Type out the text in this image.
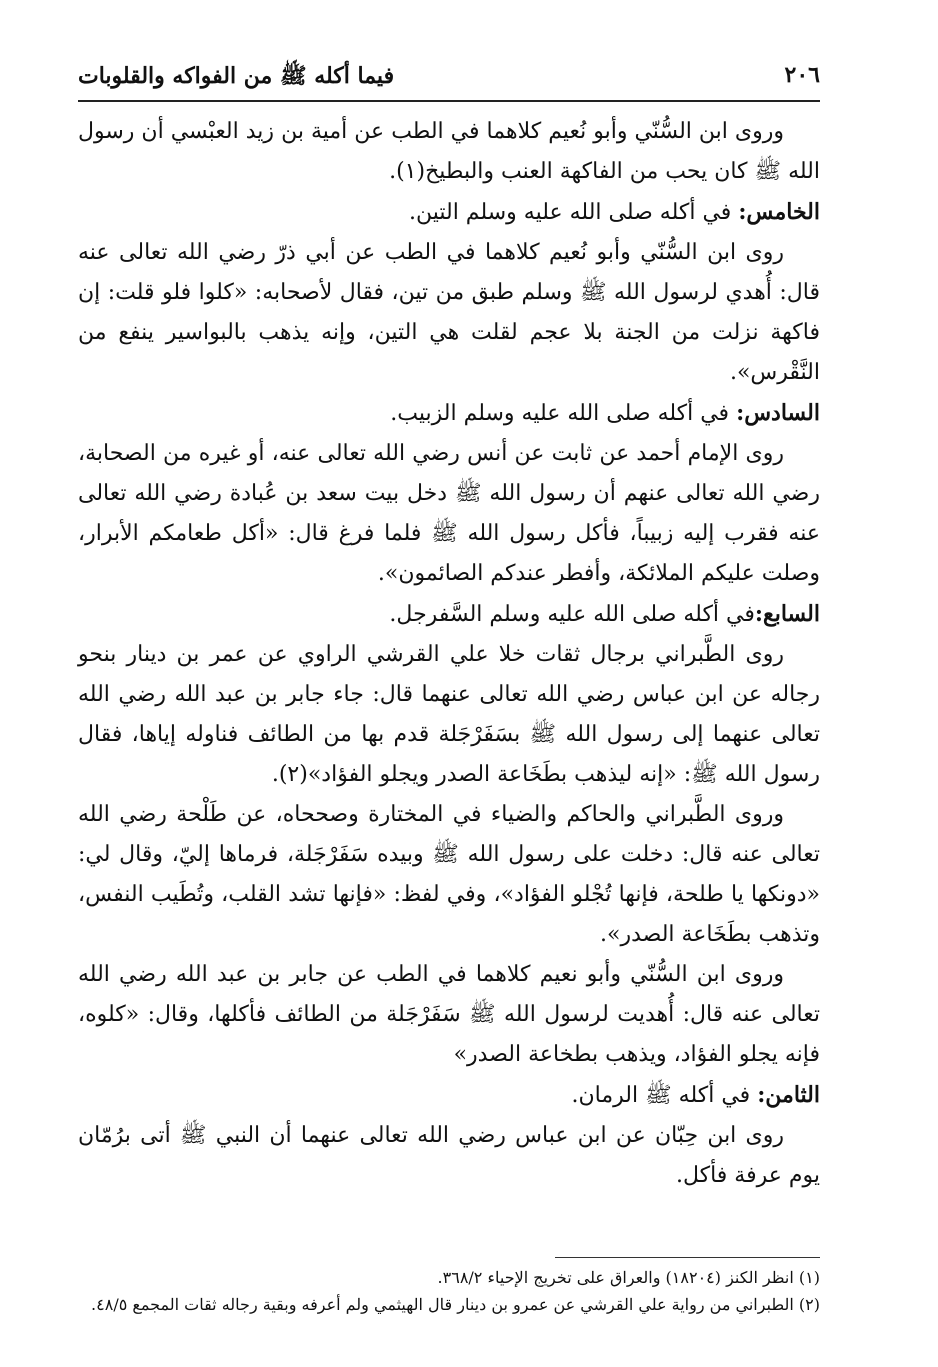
٢٠٦
فيما أكله ﷺ من الفواكه والقلوبات

وروى ابن السُّنّي وأبو نُعيم كلاهما في الطب عن أمية بن زيد العبْسي أن رسول الله ﷺ كان يحب من الفاكهة العنب والبطيخ(١).

الخامس: في أكله صلى الله عليه وسلم التين.

روى ابن السُّنّي وأبو نُعيم كلاهما في الطب عن أبي ذرّ رضي الله تعالى عنه قال: أُهدي لرسول الله ﷺ وسلم طبق من تين، فقال لأصحابه: «كلوا فلو قلت: إن فاكهة نزلت من الجنة بلا عجم لقلت هي التين، وإنه يذهب بالبواسير ينفع من النَّقْرس».

السادس: في أكله صلى الله عليه وسلم الزبيب.

روى الإمام أحمد عن ثابت عن أنس رضي الله تعالى عنه، أو غيره من الصحابة، رضي الله تعالى عنهم أن رسول الله ﷺ دخل بيت سعد بن عُبادة رضي الله تعالى عنه فقرب إليه زبيباً، فأكل رسول الله ﷺ فلما فرغ قال: «أكل طعامكم الأبرار، وصلت عليكم الملائكة، وأفطر عندكم الصائمون».

السابع:في أكله صلى الله عليه وسلم السَّفرجل.

روى الطَّبراني برجال ثقات خلا علي القرشي الراوي عن عمر بن دينار بنحو رجاله عن ابن عباس رضي الله تعالى عنهما قال: جاء جابر بن عبد الله رضي الله تعالى عنهما إلى رسول الله ﷺ بسَفَرْجَلة قدم بها من الطائف فناوله إياها، فقال رسول الله ﷺ: «إنه ليذهب بطَخَاعة الصدر ويجلو الفؤاد»(٢).

وروى الطَّبراني والحاكم والضياء في المختارة وصححاه، عن طَلْحة رضي الله تعالى عنه قال: دخلت على رسول الله ﷺ وبيده سَفَرْجَلة، فرماها إليّ، وقال لي: «دونكها يا طلحة، فإنها تُجْلو الفؤاد»، وفي لفظ: «فإنها تشد القلب، وتُطَيب النفس، وتذهب بطَخَاعة الصدر».

وروى ابن السُّنّي وأبو نعيم كلاهما في الطب عن جابر بن عبد الله رضي الله تعالى عنه قال: أُهديت لرسول الله ﷺ سَفَرْجَلة من الطائف فأكلها، وقال: «كلوه، فإنه يجلو الفؤاد، ويذهب بطخاعة الصدر»

الثامن: في أكله ﷺ الرمان.

روى ابن حِبّان عن ابن عباس رضي الله تعالى عنهما أن النبي ﷺ أتى برُمّان يوم عرفة فأكل.

(١) انظر الكنز (١٨٢٠٤) والعراق على تخريج الإحياء ٣٦٨/٢.

(٢) الطبراني من رواية علي القرشي عن عمرو بن دينار قال الهيثمي ولم أعرفه وبقية رجاله ثقات المجمع ٤٨/٥.
